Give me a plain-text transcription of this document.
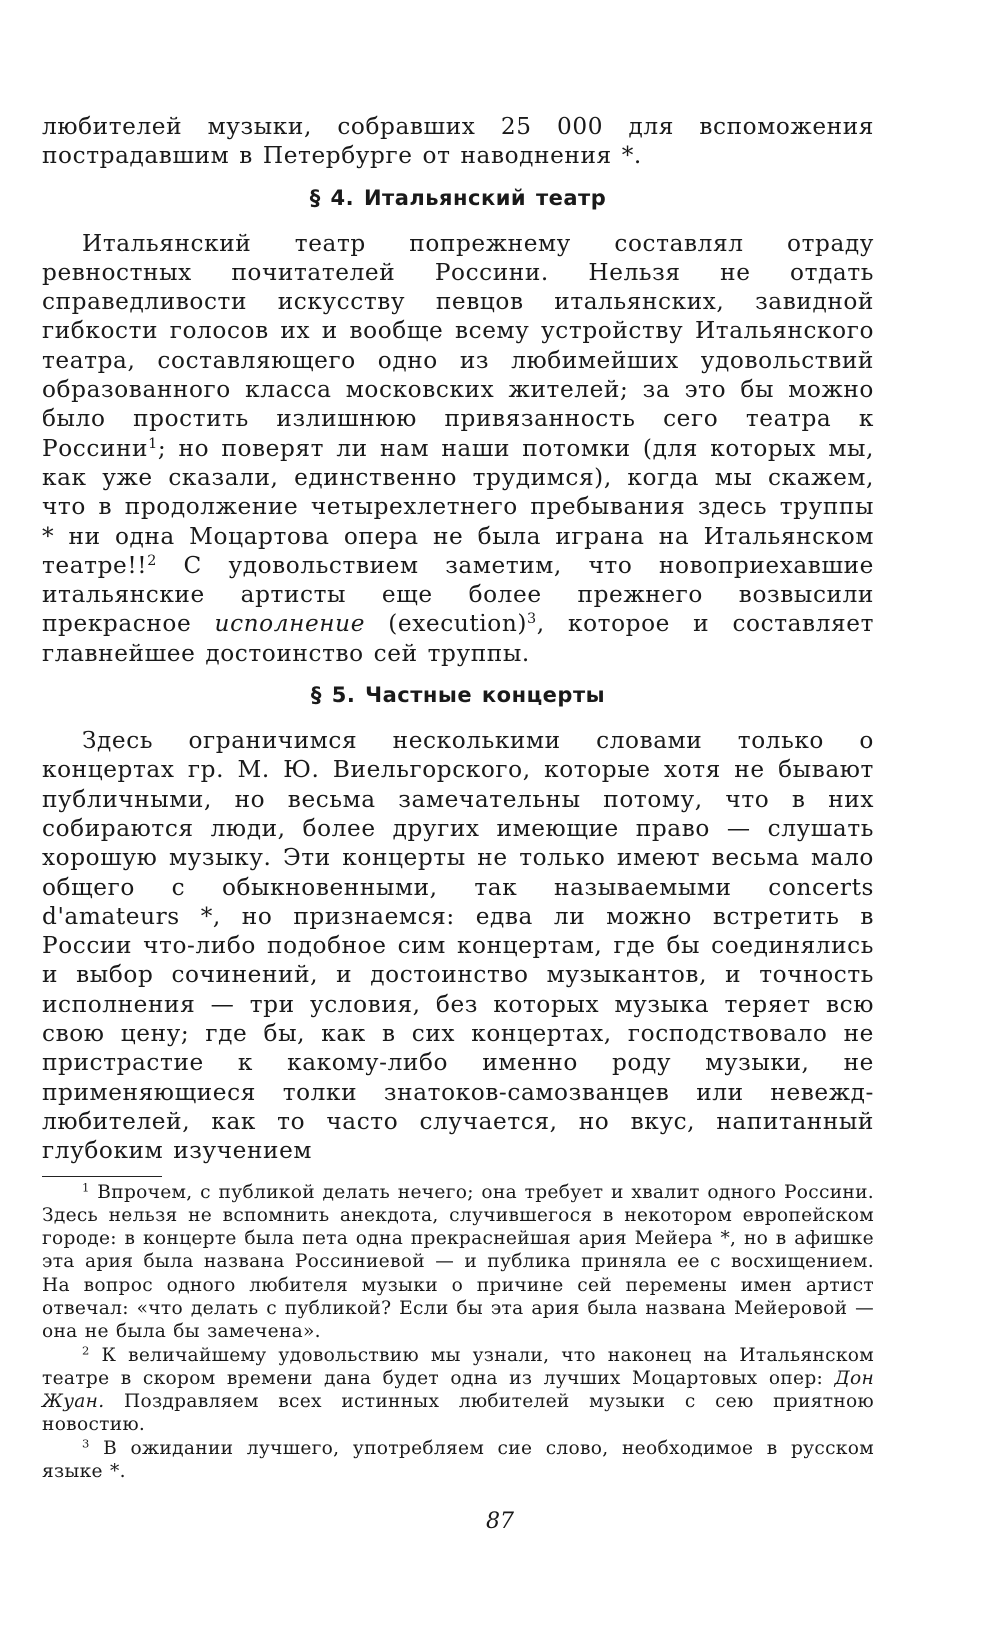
любителей музыки, собравших 25 000 для вспоможения пострадавшим в Петербурге от наводнения *.

§ 4. Итальянский театр

Итальянский театр попрежнему составлял отраду ревностных почитателей Россини. Нельзя не отдать справедливости искусству певцов итальянских, завидной гибкости голосов их и вообще всему устройству Итальянского театра, составляющего одно из любимейших удовольствий образованного класса московских жителей; за это бы можно было простить излишнюю привязанность сего театра к Россини$^1$; но поверят ли нам наши потомки (для которых мы, как уже сказали, единственно трудимся), когда мы скажем, что в продолжение четырехлетнего пребывания здесь труппы * ни одна Моцартова опера не была играна на Итальянском театре!!$^2$ С удовольствием заметим, что новоприехавшие итальянские артисты еще более прежнего возвысили прекрасное исполнение (execution)$^3$, которое и составляет главнейшее достоинство сей труппы.

§ 5. Частные концерты

Здесь ограничимся несколькими словами только о концертах гр. М. Ю. Виельгорского, которые хотя не бывают публичными, но весьма замечательны потому, что в них собираются люди, более других имеющие право — слушать хорошую музыку. Эти концерты не только имеют весьма мало общего с обыкновенными, так называемыми concerts d'amateurs *, но признаемся: едва ли можно встретить в России что-либо подобное сим концертам, где бы соединялись и выбор сочинений, и достоинство музыкантов, и точность исполнения — три условия, без которых музыка теряет всю свою цену; где бы, как в сих концертах, господствовало не пристрастие к какому-либо именно роду музыки, не применяющиеся толки знатоков-самозванцев или невежд-любителей, как то часто случается, но вкус, напитанный глубоким изучением

$^1$ Впрочем, с публикой делать нечего; она требует и хвалит одного Россини. Здесь нельзя не вспомнить анекдота, случившегося в некотором европейском городе: в концерте была пета одна прекраснейшая ария Мейера *, но в афишке эта ария была названа Россиниевой — и публика приняла ее с восхищением. На вопрос одного любителя музыки о причине сей перемены имен артист отвечал: «что делать с публикой? Если бы эта ария была названа Мейеровой — она не была бы замечена».

$^2$ К величайшему удовольствию мы узнали, что наконец на Итальянском театре в скором времени дана будет одна из лучших Моцартовых опер: Дон Жуан. Поздравляем всех истинных любителей музыки с сею приятною новостию.

$^3$ В ожидании лучшего, употребляем сие слово, необходимое в русском языке *.

87
